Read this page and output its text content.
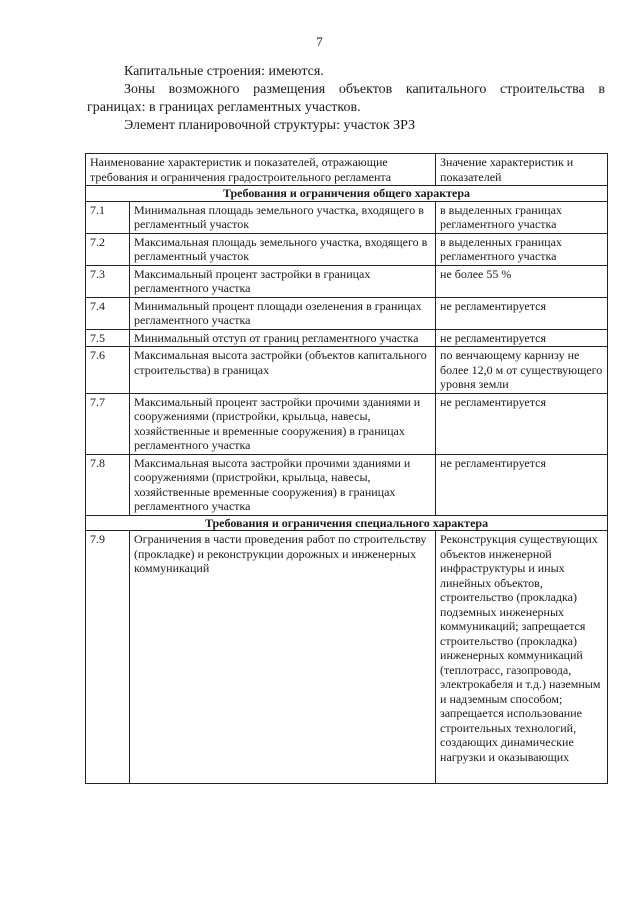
7

Капитальные строения: имеются.

Зоны возможного размещения объектов капитального строительства в границах: в границах регламентных участков.

Элемент планировочной структуры: участок ЗРЗ

Наименование характеристик и показателей, отражающие требования и ограничения градостроительного регламента		Значение характеристик и показателей
Требования и ограничения общего характера		
7.1	Минимальная площадь земельного участка, входящего в регламентный участок	в выделенных границах регламентного участка
7.2	Максимальная площадь земельного участка, входящего в регламентный участок	в выделенных границах регламентного участка
7.3	Максимальный процент застройки в границах регламентного участка	не более 55 %
7.4	Минимальный процент площади озеленения в границах регламентного участка	не регламентируется
7.5	Минимальный отступ от границ регламентного участка	не регламентируется
7.6	Максимальная высота застройки (объектов капитального строительства) в границах	по венчающему карнизу не более 12,0 м от существующего уровня земли
7.7	Максимальный процент застройки прочими зданиями и сооружениями (пристройки, крыльца, навесы, хозяйственные и временные сооружения) в границах регламентного участка	не регламентируется
7.8	Максимальная высота застройки прочими зданиями и сооружениями (пристройки, крыльца, навесы, хозяйственные временные сооружения) в границах регламентного участка	не регламентируется
Требования и ограничения специального характера		
7.9	Ограничения в части проведения работ по строительству (прокладке) и реконструкции дорожных и инженерных коммуникаций	Реконструкция существующих объектов инженерной инфраструктуры и иных линейных объектов, строительство (прокладка) подземных инженерных коммуникаций; запрещается строительство (прокладка) инженерных коммуникаций (теплотрасс, газопровода, электрокабеля и т.д.) наземным и надземным способом; запрещается использование строительных технологий, создающих динамические нагрузки и оказывающих
